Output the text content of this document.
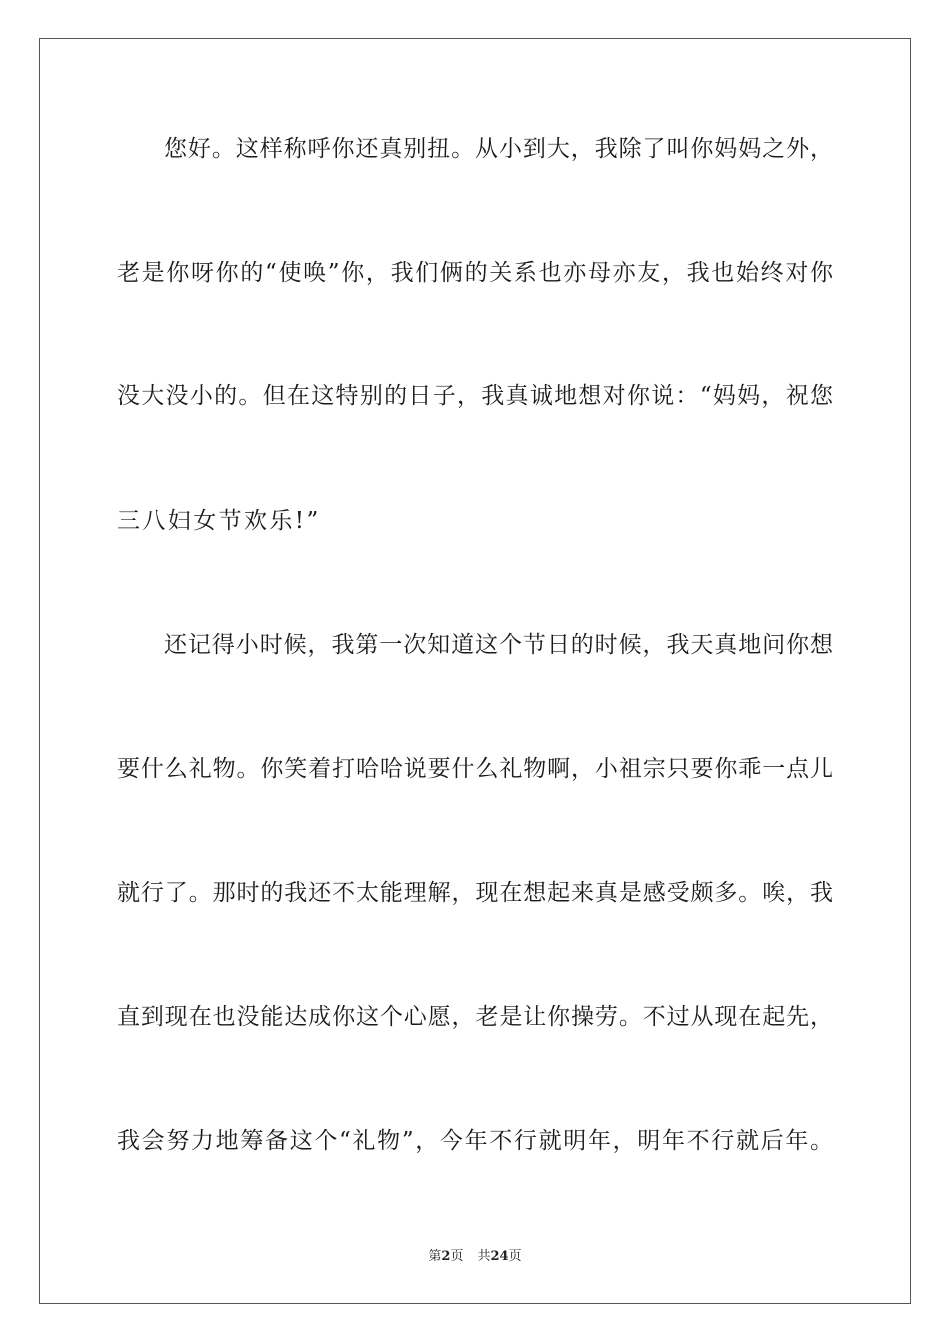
您好。这样称呼你还真别扭。从小到大，我除了叫你妈妈之外，
老是你呀你的“使唤”你，我们俩的关系也亦母亦友，我也始终对你
没大没小的。但在这特别的日子，我真诚地想对你说：“妈妈，祝您
三八妇女节欢乐!”
还记得小时候，我第一次知道这个节日的时候，我天真地问你想
要什么礼物。你笑着打哈哈说要什么礼物啊，小祖宗只要你乖一点儿
就行了。那时的我还不太能理解，现在想起来真是感受颇多。唉，我
直到现在也没能达成你这个心愿，老是让你操劳。不过从现在起先，
我会努力地筹备这个“礼物”，今年不行就明年，明年不行就后年。
第2页 共24页
